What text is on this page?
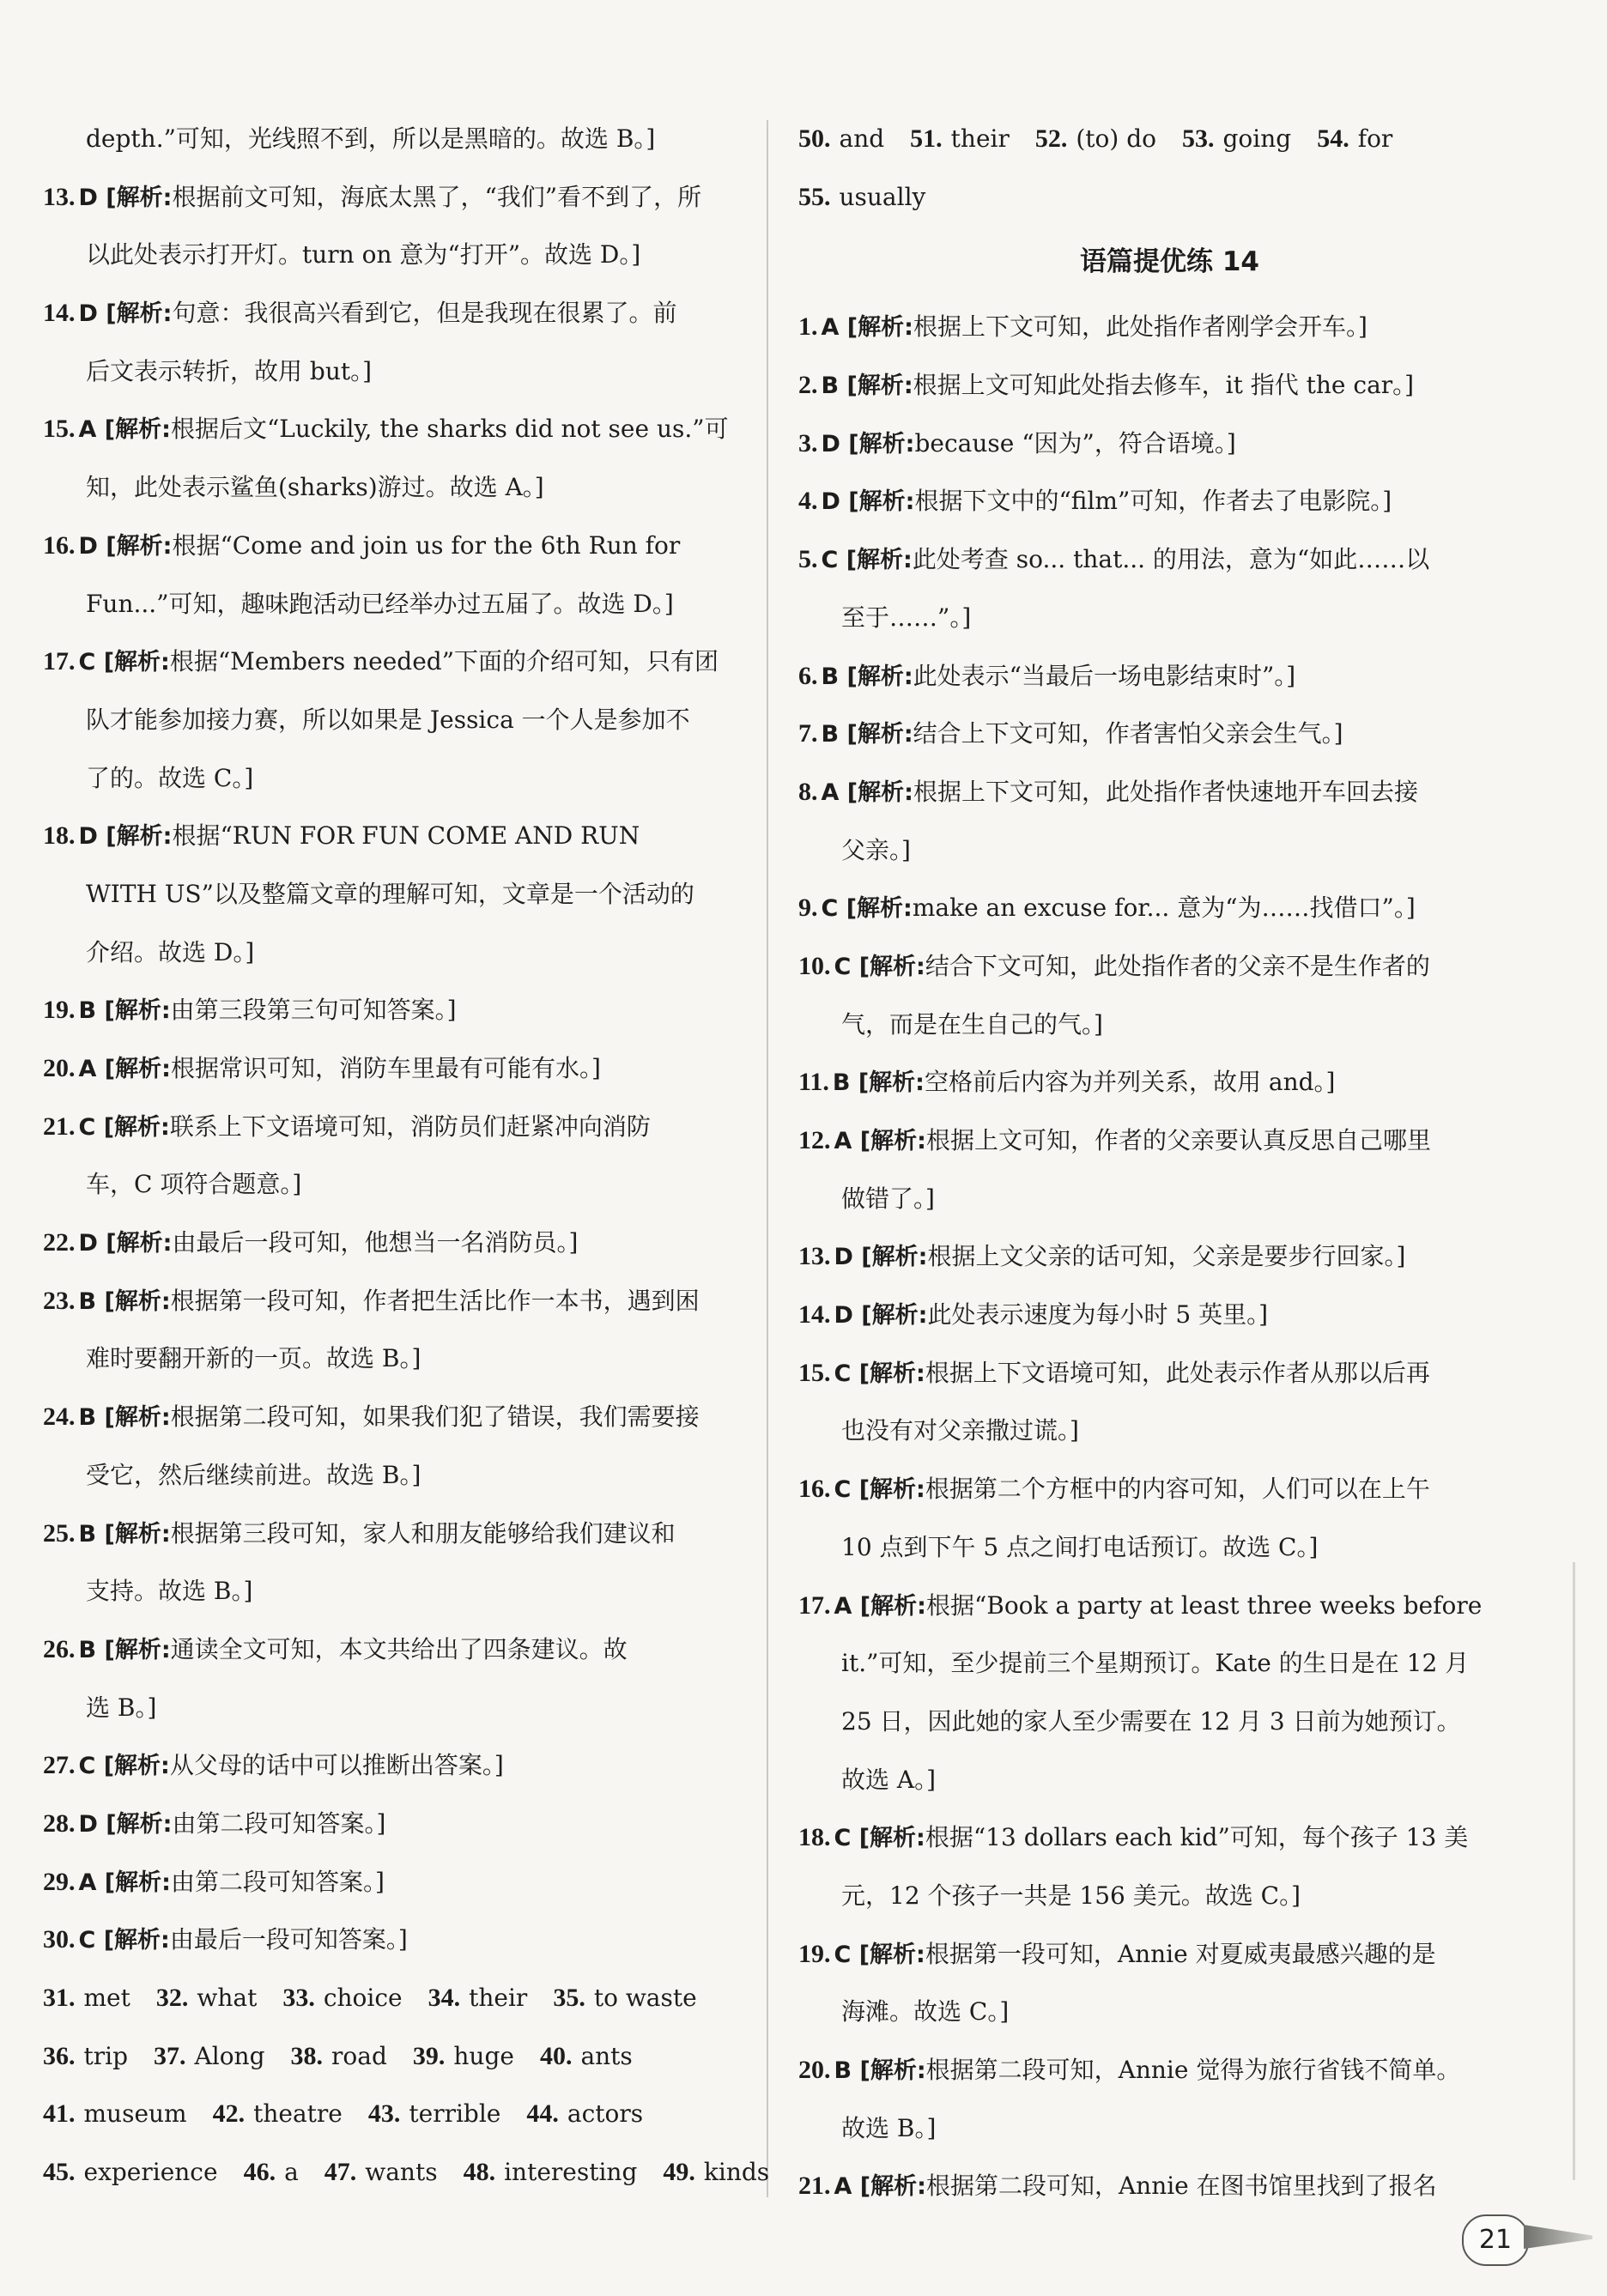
depth.”可知，光线照不到，所以是黑暗的。故选 B。]
13. D [解析:根据前文可知，海底太黑了，“我们”看不到了，所
以此处表示打开灯。turn on 意为“打开”。故选 D。]
14. D [解析:句意：我很高兴看到它，但是我现在很累了。前
后文表示转折，故用 but。]
15. A [解析:根据后文“Luckily, the sharks did not see us.”可
知，此处表示鲨鱼(sharks)游过。故选 A。]
16. D [解析:根据“Come and join us for the 6th Run for
Fun...”可知，趣味跑活动已经举办过五届了。故选 D。]
17. C [解析:根据“Members needed”下面的介绍可知，只有团
队才能参加接力赛，所以如果是 Jessica 一个人是参加不
了的。故选 C。]
18. D [解析:根据“RUN FOR FUN COME AND RUN
WITH US”以及整篇文章的理解可知，文章是一个活动的
介绍。故选 D。]
19. B [解析:由第三段第三句可知答案。]
20. A [解析:根据常识可知，消防车里最有可能有水。]
21. C [解析:联系上下文语境可知，消防员们赶紧冲向消防
车，C 项符合题意。]
22. D [解析:由最后一段可知，他想当一名消防员。]
23. B [解析:根据第一段可知，作者把生活比作一本书，遇到困
难时要翻开新的一页。故选 B。]
24. B [解析:根据第二段可知，如果我们犯了错误，我们需要接
受它，然后继续前进。故选 B。]
25. B [解析:根据第三段可知，家人和朋友能够给我们建议和
支持。故选 B。]
26. B [解析:通读全文可知，本文共给出了四条建议。故
选 B。]
27. C [解析:从父母的话中可以推断出答案。]
28. D [解析:由第二段可知答案。]
29. A [解析:由第二段可知答案。]
30. C [解析:由最后一段可知答案。]
31. met 32. what 33. choice 34. their 35. to waste
36. trip 37. Along 38. road 39. huge 40. ants
41. museum 42. theatre 43. terrible 44. actors
45. experience 46. a 47. wants 48. interesting 49. kinds
50. and 51. their 52. (to) do 53. going 54. for
55. usually
语篇提优练 14
1. A [解析:根据上下文可知，此处指作者刚学会开车。]
2. B [解析:根据上文可知此处指去修车，it 指代 the car。]
3. D [解析:because “因为”，符合语境。]
4. D [解析:根据下文中的“film”可知，作者去了电影院。]
5. C [解析:此处考查 so... that... 的用法，意为“如此……以
至于……”。]
6. B [解析:此处表示“当最后一场电影结束时”。]
7. B [解析:结合上下文可知，作者害怕父亲会生气。]
8. A [解析:根据上下文可知，此处指作者快速地开车回去接
父亲。]
9. C [解析:make an excuse for... 意为“为……找借口”。]
10. C [解析:结合下文可知，此处指作者的父亲不是生作者的
气，而是在生自己的气。]
11. B [解析:空格前后内容为并列关系，故用 and。]
12. A [解析:根据上文可知，作者的父亲要认真反思自己哪里
做错了。]
13. D [解析:根据上文父亲的话可知，父亲是要步行回家。]
14. D [解析:此处表示速度为每小时 5 英里。]
15. C [解析:根据上下文语境可知，此处表示作者从那以后再
也没有对父亲撒过谎。]
16. C [解析:根据第二个方框中的内容可知，人们可以在上午
10 点到下午 5 点之间打电话预订。故选 C。]
17. A [解析:根据“Book a party at least three weeks before
it.”可知，至少提前三个星期预订。Kate 的生日是在 12 月
25 日，因此她的家人至少需要在 12 月 3 日前为她预订。
故选 A。]
18. C [解析:根据“13 dollars each kid”可知，每个孩子 13 美
元，12 个孩子一共是 156 美元。故选 C。]
19. C [解析:根据第一段可知，Annie 对夏威夷最感兴趣的是
海滩。故选 C。]
20. B [解析:根据第二段可知，Annie 觉得为旅行省钱不简单。
故选 B。]
21. A [解析:根据第二段可知，Annie 在图书馆里找到了报名
21
